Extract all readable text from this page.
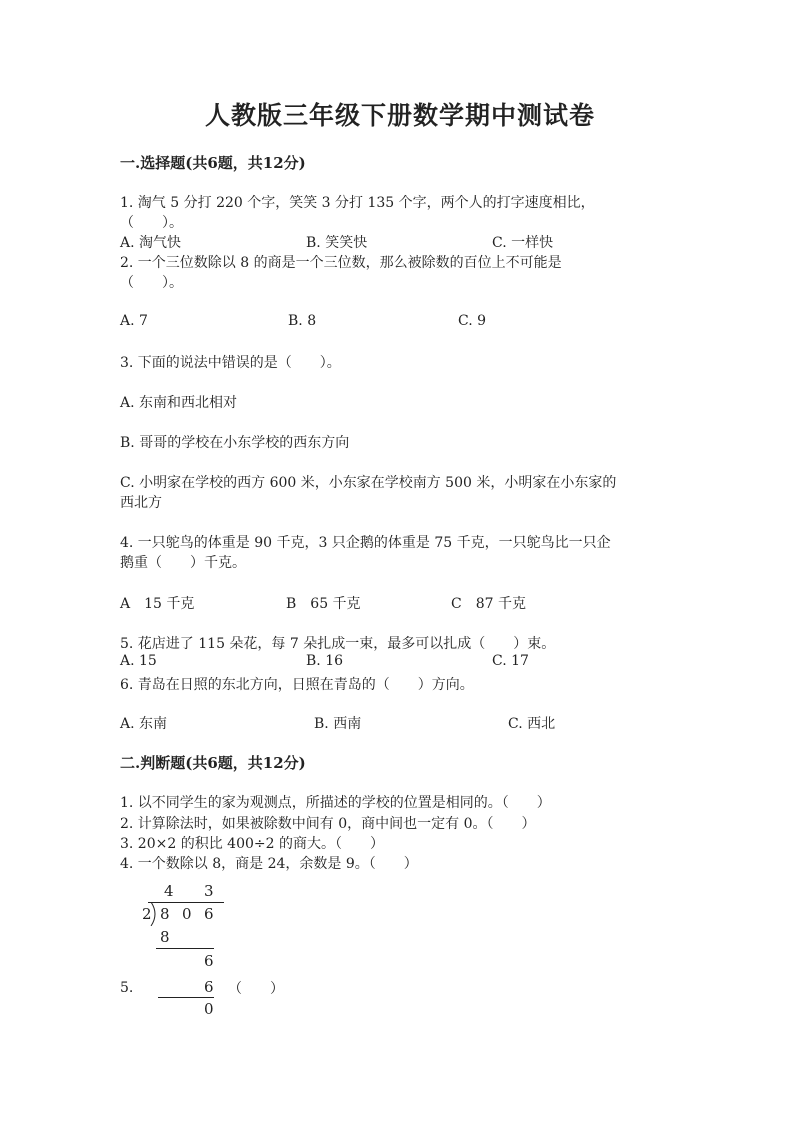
人教版三年级下册数学期中测试卷
一.选择题(共6题，共12分)
1. 淘气 5 分打 220 个字，笑笑 3 分打 135 个字，两个人的打字速度相比，
（　　）。
A. 淘气快	B. 笑笑快	C. 一样快
2. 一个三位数除以 8 的商是一个三位数，那么被除数的百位上不可能是
（　　）。
A. 7	B. 8	C. 9
3. 下面的说法中错误的是（　　）。
A. 东南和西北相对
B. 哥哥的学校在小东学校的西东方向
C. 小明家在学校的西方 600 米，小东家在学校南方 500 米，小明家在小东家的
西北方
4. 一只鸵鸟的体重是 90 千克，3 只企鹅的体重是 75 千克，一只鸵鸟比一只企
鹅重（　　）千克。
A　15 千克	B　65 千克	C　87 千克
5. 花店进了 115 朵花，每 7 朵扎成一束，最多可以扎成（　　）束。
A. 15	B. 16	C. 17
6. 青岛在日照的东北方向，日照在青岛的（　　）方向。
A. 东南	B. 西南	C. 西北
二.判断题(共6题，共12分)
1. 以不同学生的家为观测点，所描述的学校的位置是相同的。（　　）
2. 计算除法时，如果被除数中间有 0，商中间也一定有 0。（　　）
3. 20×2 的积比 400÷2 的商大。（　　）
4. 一个数除以 8，商是 24，余数是 9。（　　）
4 3
2 8 0 6
8
6
6
0
5.	（　　）
